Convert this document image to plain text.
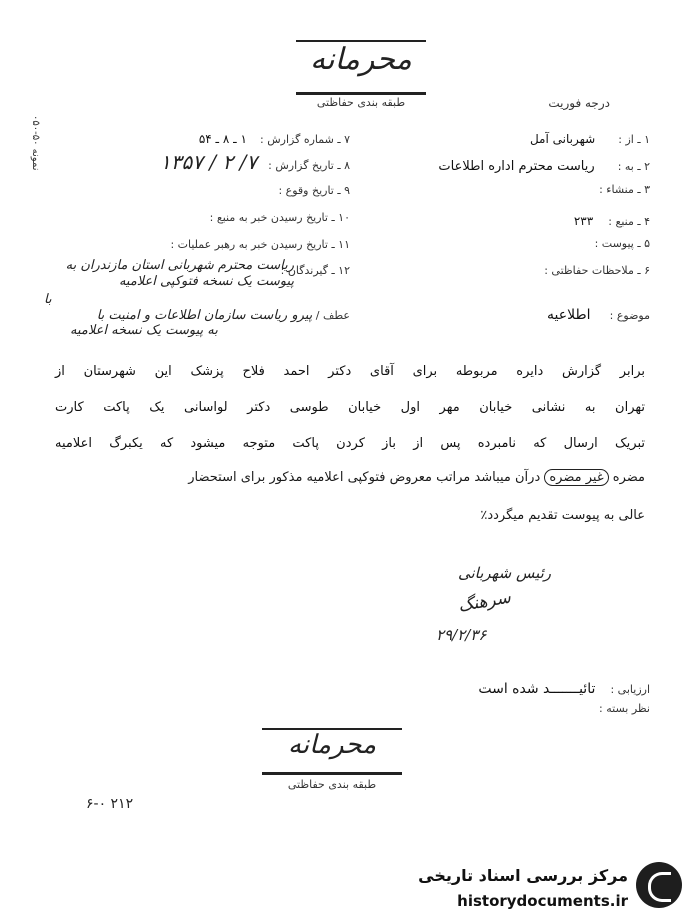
محرمانه
طبقه بندی حفاظتی	درجه فوریت
نمونه ۵۰-۰۵۰
۱ ـ از : شهربانی آمل
۲ ـ به : ریاست محترم اداره اطلاعات
۳ ـ منشاء :
۴ ـ منبع : ۲۳۳
۵ ـ پیوست :
۶ ـ ملاحظات حفاظتی :
۷ ـ شماره گزارش : ۱ ـ ۸ ـ ۵۴
۸ ـ تاریخ گزارش : ۷/ ۲ / ۱۳۵۷
۹ ـ تاریخ وقوع :
۱۰ ـ تاریخ رسیدن خبر به منبع :
۱۱ ـ تاریخ رسیدن خبر به رهبر عملیات :
۱۲ ـ گیرندگان :
ریاست محترم شهربانی استان مازندران به پیوست یک نسخه فتوکپی اعلامیه
عطف / پیرو ریاست سازمان اطلاعات و امنیت با
با
به پیوست یک نسخه اعلامیه
موضوع : اطلاعیه
برابر گزارش دایره مربوطه برای آقای دکتر احمد فلاح پزشک این شهرستان از
تهران به نشانی خیابان مهر اول خیابان طوسی دکتر لواسانی یک پاکت کارت
تبریک ارسال که نامبرده پس از باز کردن پاکت متوجه میشود که یکبرگ اعلامیه
مضره غیر مضره درآن میباشد مراتب معروض فتوکپی اعلامیه مذکور برای استحضار
عالی به پیوست تقدیم میگردد٪
رئیس شهربانی
سرهنگ
۲۹/۲/۳۶
ارزیابی : تائیـــــــد شده است
نظر بسته :
محرمانه
طبقه بندی حفاظتی
۶-۰ ۲۱۲
مرکز بررسی اسناد تاریخی
historydocuments.ir
